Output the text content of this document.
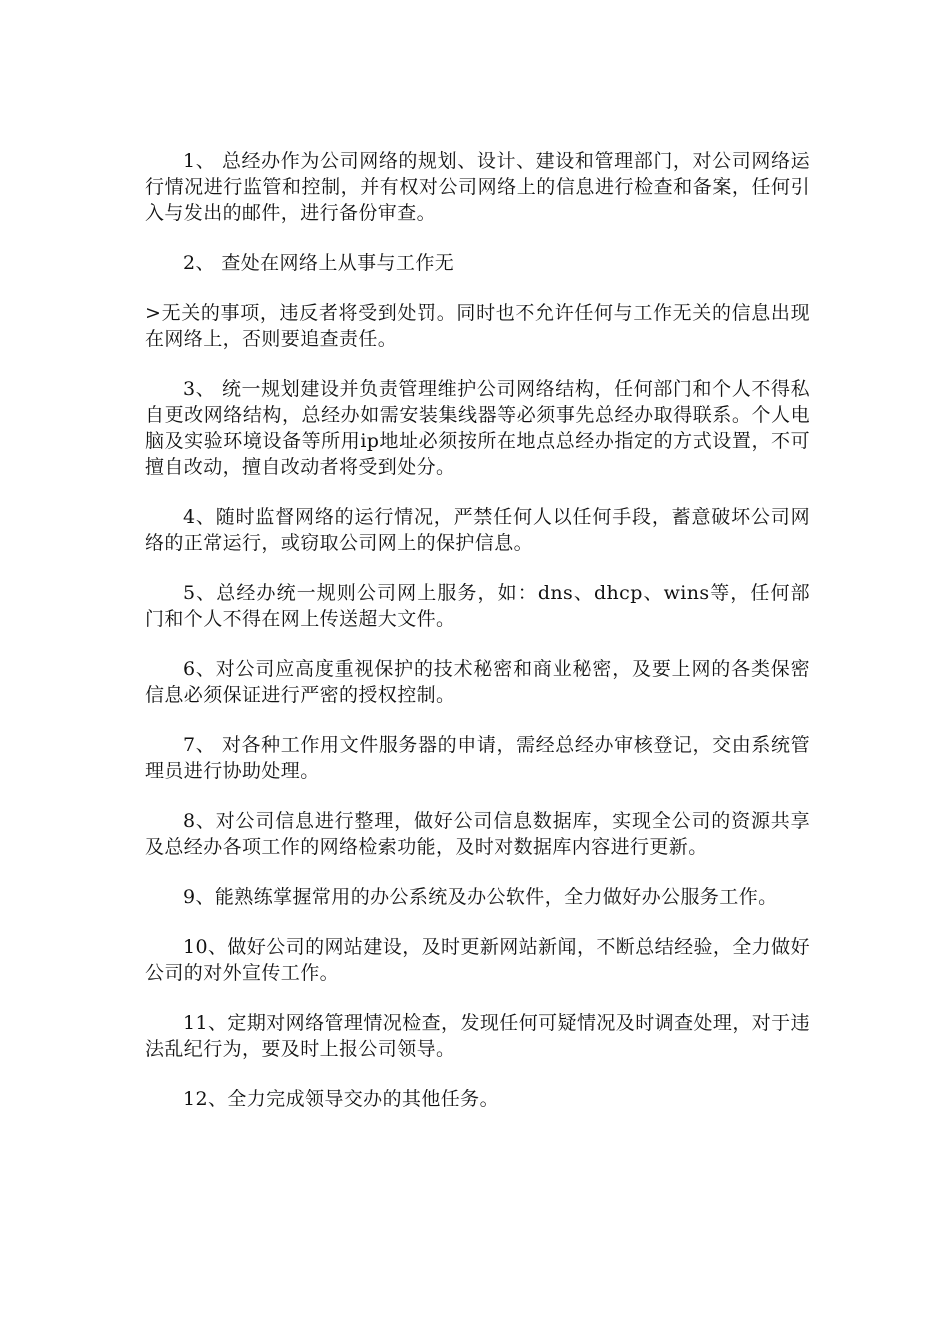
1、 总经办作为公司网络的规划、设计、建设和管理部门，对公司网络运行情况进行监管和控制，并有权对公司网络上的信息进行检查和备案，任何引入与发出的邮件，进行备份审查。

2、 查处在网络上从事与工作无

>无关的事项，违反者将受到处罚。同时也不允许任何与工作无关的信息出现在网络上，否则要追查责任。

3、 统一规划建设并负责管理维护公司网络结构，任何部门和个人不得私自更改网络结构，总经办如需安装集线器等必须事先总经办取得联系。个人电脑及实验环境设备等所用ip地址必须按所在地点总经办指定的方式设置，不可擅自改动，擅自改动者将受到处分。

4、随时监督网络的运行情况，严禁任何人以任何手段，蓄意破坏公司网络的正常运行，或窃取公司网上的保护信息。

5、总经办统一规则公司网上服务，如：dns、dhcp、wins等，任何部门和个人不得在网上传送超大文件。

6、对公司应高度重视保护的技术秘密和商业秘密，及要上网的各类保密信息必须保证进行严密的授权控制。

7、 对各种工作用文件服务器的申请，需经总经办审核登记，交由系统管理员进行协助处理。

8、对公司信息进行整理，做好公司信息数据库，实现全公司的资源共享及总经办各项工作的网络检索功能，及时对数据库内容进行更新。

9、能熟练掌握常用的办公系统及办公软件，全力做好办公服务工作。

10、做好公司的网站建设，及时更新网站新闻，不断总结经验，全力做好公司的对外宣传工作。

11、定期对网络管理情况检查，发现任何可疑情况及时调查处理，对于违法乱纪行为，要及时上报公司领导。

12、全力完成领导交办的其他任务。
